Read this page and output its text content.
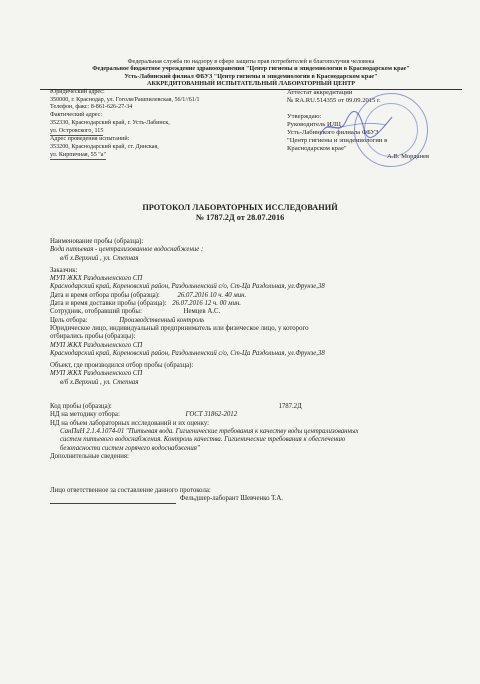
Федеральная служба по надзору в сфере защиты прав потребителей и благополучия человека
Федеральное бюджетное учреждение здравоохранения "Центр гигиены и эпидемиологии в Краснодарском крае"
Усть-Лабинский филиал ФБУЗ "Центр гигиены и эпидемиологии в Краснодарском крае"
АККРЕДИТОВАННЫЙ ИСПЫТАТЕЛЬНЫЙ ЛАБОРАТОРНЫЙ ЦЕНТР
Юридический адрес:
350000, г. Краснодар, ул. Гоголя/Рашпилевская, 56/1//61/1
Телефон, факс: 8-861-626-27-34
Фактический адрес:
352330, Краснодарский край, г. Усть-Лабинск,
ул. Островского, 115
Адрес проведения испытаний:
353200, Краснодарский край, ст. Динская,
ул. Кирпичная, 55 "а"
Аттестат аккредитации
№ RA.RU.514355 от 09.09.2015 г.
Утверждаю:
Руководитель ИЛЦ
Усть-Лабинского филиала ФБУЗ
"Центр гигиены и эпидемиологии в
Краснодарском крае"
А.В. Морданев
ПРОТОКОЛ ЛАБОРАТОРНЫХ ИССЛЕДОВАНИЙ
№ 1787.2Д от 28.07.2016
Наименование пробы (образца):
Вода питьевая - централизованное водоснабжение :
в/б х.Верхний , ул. Степная
Заказчик:
МУП ЖКХ Раздольненского СП
Краснодарский край, Кореновский район, Раздольненский с/о, Ст-Ца Раздольная, ул.Фрунзе,38
Дата и время отбора пробы (образца):	26.07.2016 10 ч. 40 мин.
Дата и время доставки пробы (образца): 26.07.2016 12 ч. 00 мин.
Сотрудник, отобравший пробы:	Немцев А.С.
Цель отбора:	Производственный контроль
Юридическое лицо, индивидуальный предприниматель или физическое лицо, у которого
отбирались пробы (образцы):
МУП ЖКХ Раздольненского СП
Краснодарский край, Кореновский район, Раздольненский с/о, Ст-Ца Раздольная, ул.Фрунзе,38
Объект, где производился отбор пробы (образца):
МУП ЖКХ Раздольненского СП
в/б х.Верхний , ул. Степная
Код пробы (образца):	1787.2Д
НД на методику отбора:	ГОСТ 31862-2012
НД на объем лабораторных исследований и их оценку:
СанПиН 2.1.4.1074-01 "Питьевая вода. Гигиенические требования к качеству воды централизованных
систем питьевого водоснабжения. Контроль качества. Гигиенические требования к обеспечению
безопасности систем горячего водоснабжения"
Дополнительные сведения:
Лицо ответственное за составление данного протокола:
Фельдшер-лаборант Шевченко Т.А.
